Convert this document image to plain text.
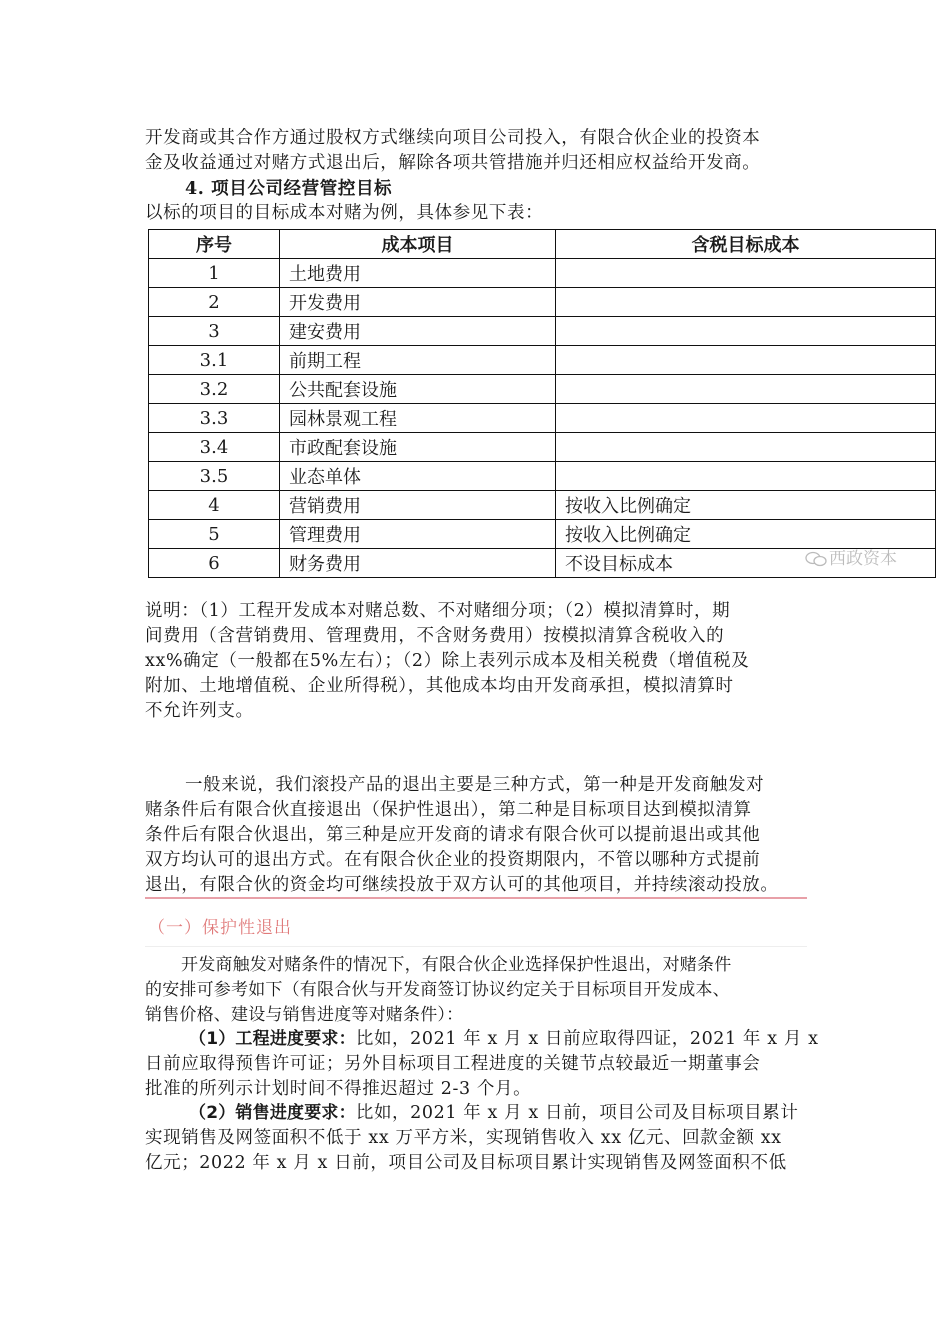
开发商或其合作方通过股权方式继续向项目公司投入，有限合伙企业的投资本
金及收益通过对赌方式退出后，解除各项共管措施并归还相应权益给开发商。
4. 项目公司经营管控目标
以标的项目的目标成本对赌为例，具体参见下表：
序号	成本项目	含税目标成本
1	土地费用	
2	开发费用	
3	建安费用	
3.1	前期工程	
3.2	公共配套设施	
3.3	园林景观工程	
3.4	市政配套设施	
3.5	业态单体	
4	营销费用	按收入比例确定
5	管理费用	按收入比例确定
6	财务费用	不设目标成本	西政资本
说明：（1）工程开发成本对赌总数、不对赌细分项；（2）模拟清算时，期
间费用（含营销费用、管理费用，不含财务费用）按模拟清算含税收入的
xx%确定（一般都在5%左右）；（2）除上表列示成本及相关税费（增值税及
附加、土地增值税、企业所得税），其他成本均由开发商承担，模拟清算时
不允许列支。
一般来说，我们滚投产品的退出主要是三种方式，第一种是开发商触发对
赌条件后有限合伙直接退出（保护性退出），第二种是目标项目达到模拟清算
条件后有限合伙退出，第三种是应开发商的请求有限合伙可以提前退出或其他
双方均认可的退出方式。在有限合伙企业的投资期限内，不管以哪种方式提前
退出，有限合伙的资金均可继续投放于双方认可的其他项目，并持续滚动投放。
（一）保护性退出
开发商触发对赌条件的情况下，有限合伙企业选择保护性退出，对赌条件
的安排可参考如下（有限合伙与开发商签订协议约定关于目标项目开发成本、
销售价格、建设与销售进度等对赌条件）：
（1）工程进度要求：比如，2021 年 x 月 x 日前应取得四证，2021 年 x 月 x
日前应取得预售许可证；另外目标项目工程进度的关键节点较最近一期董事会
批准的所列示计划时间不得推迟超过 2-3 个月。
（2）销售进度要求：比如，2021 年 x 月 x 日前，项目公司及目标项目累计
实现销售及网签面积不低于 xx 万平方米，实现销售收入 xx 亿元、回款金额 xx
亿元；2022 年 x 月 x 日前，项目公司及目标项目累计实现销售及网签面积不低
